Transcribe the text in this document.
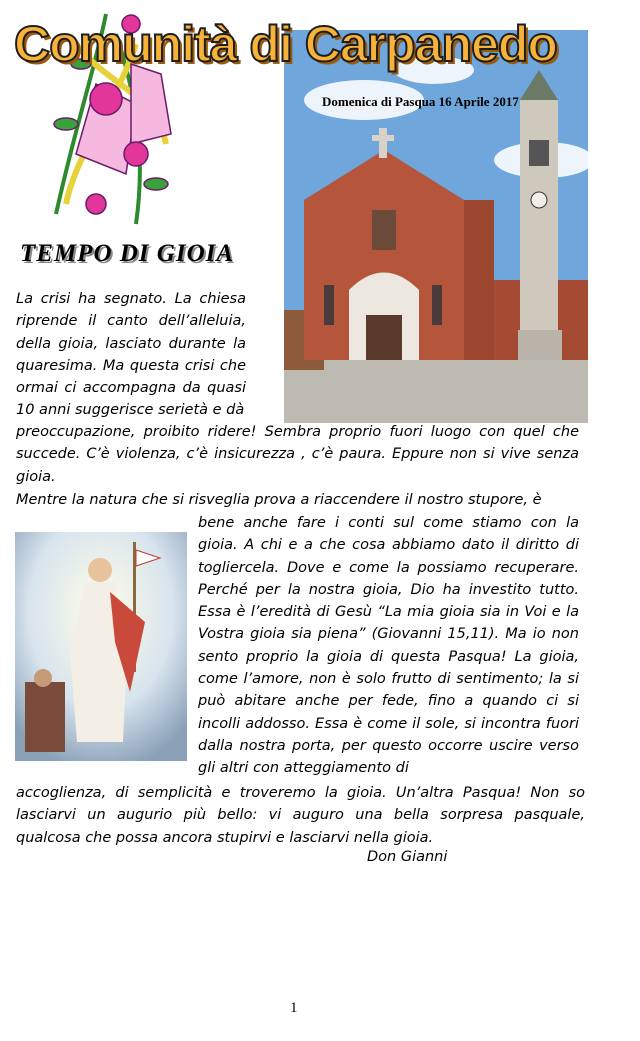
Comunità di Carpanedo
Domenica di Pasqua 16 Aprile 2017
TEMPO DI GIOIA

La crisi ha segnato. La chiesa riprende il canto dell’alleluia, della gioia, lasciato durante la quaresima. Ma questa crisi che ormai ci accompagna da quasi 10 anni suggerisce serietà e dà

preoccupazione, proibito ridere! Sembra proprio fuori luogo con quel che succede. C’è violenza, c’è insicurezza , c’è paura. Eppure non si vive senza gioia.

Mentre la natura che si risveglia prova a riaccendere il nostro stupore, è

bene anche fare i conti sul come stiamo con la gioia. A chi e a che cosa abbiamo dato il diritto di togliercela. Dove e come la possiamo recuperare. Perché per la nostra gioia, Dio ha investito tutto. Essa è l’eredità di Gesù “La mia gioia sia in Voi e la Vostra gioia sia piena” (Giovanni 15,11). Ma io non sento proprio la gioia di questa Pasqua! La gioia, come l’amore, non è solo frutto di sentimento; la si può abitare anche per fede, fino a quando ci si incolli addosso. Essa è come il sole, si incontra fuori dalla nostra porta, per questo occorre uscire verso gli altri con atteggiamento di

accoglienza, di semplicità e troveremo la gioia. Un’altra Pasqua! Non so lasciarvi un augurio più bello: vi auguro una bella sorpresa pasquale, qualcosa che possa ancora stupirvi e lasciarvi nella gioia.

Don Gianni
1
